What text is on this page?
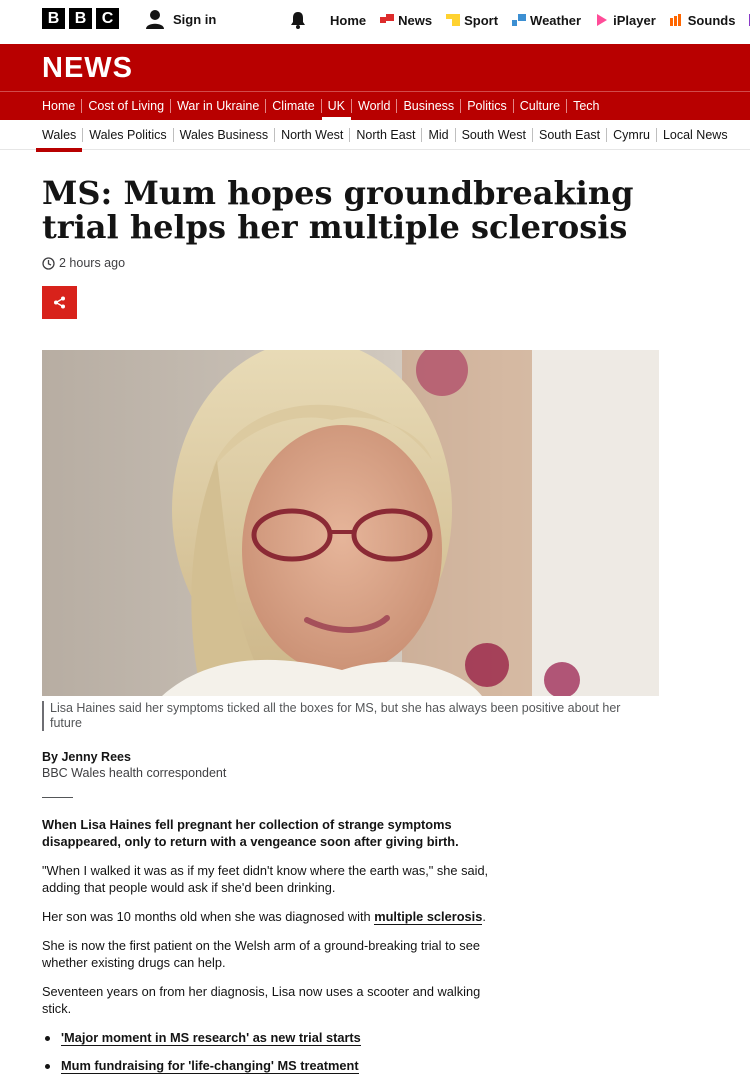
B B C	Sign in	Home News Sport Weather iPlayer Sounds
NEWS
Home	Cost of Living	War in Ukraine	Climate	UK	World	Business	Politics	Culture	Tech
Wales	Wales Politics	Wales Business	North West	North East	Mid	South West	South East	Cymru	Local News
MS: Mum hopes groundbreaking trial helps her multiple sclerosis
2 hours ago
Lisa Haines said her symptoms ticked all the boxes for MS, but she has always been positive about her future
By Jenny Rees
BBC Wales health correspondent

When Lisa Haines fell pregnant her collection of strange symptoms disappeared, only to return with a vengeance soon after giving birth.

"When I walked it was as if my feet didn't know where the earth was," she said, adding that people would ask if she'd been drinking.

Her son was 10 months old when she was diagnosed with multiple sclerosis.

She is now the first patient on the Welsh arm of a ground-breaking trial to see whether existing drugs can help.

Seventeen years on from her diagnosis, Lisa now uses a scooter and walking stick.

'Major moment in MS research' as new trial starts
Mum fundraising for 'life-changing' MS treatment
